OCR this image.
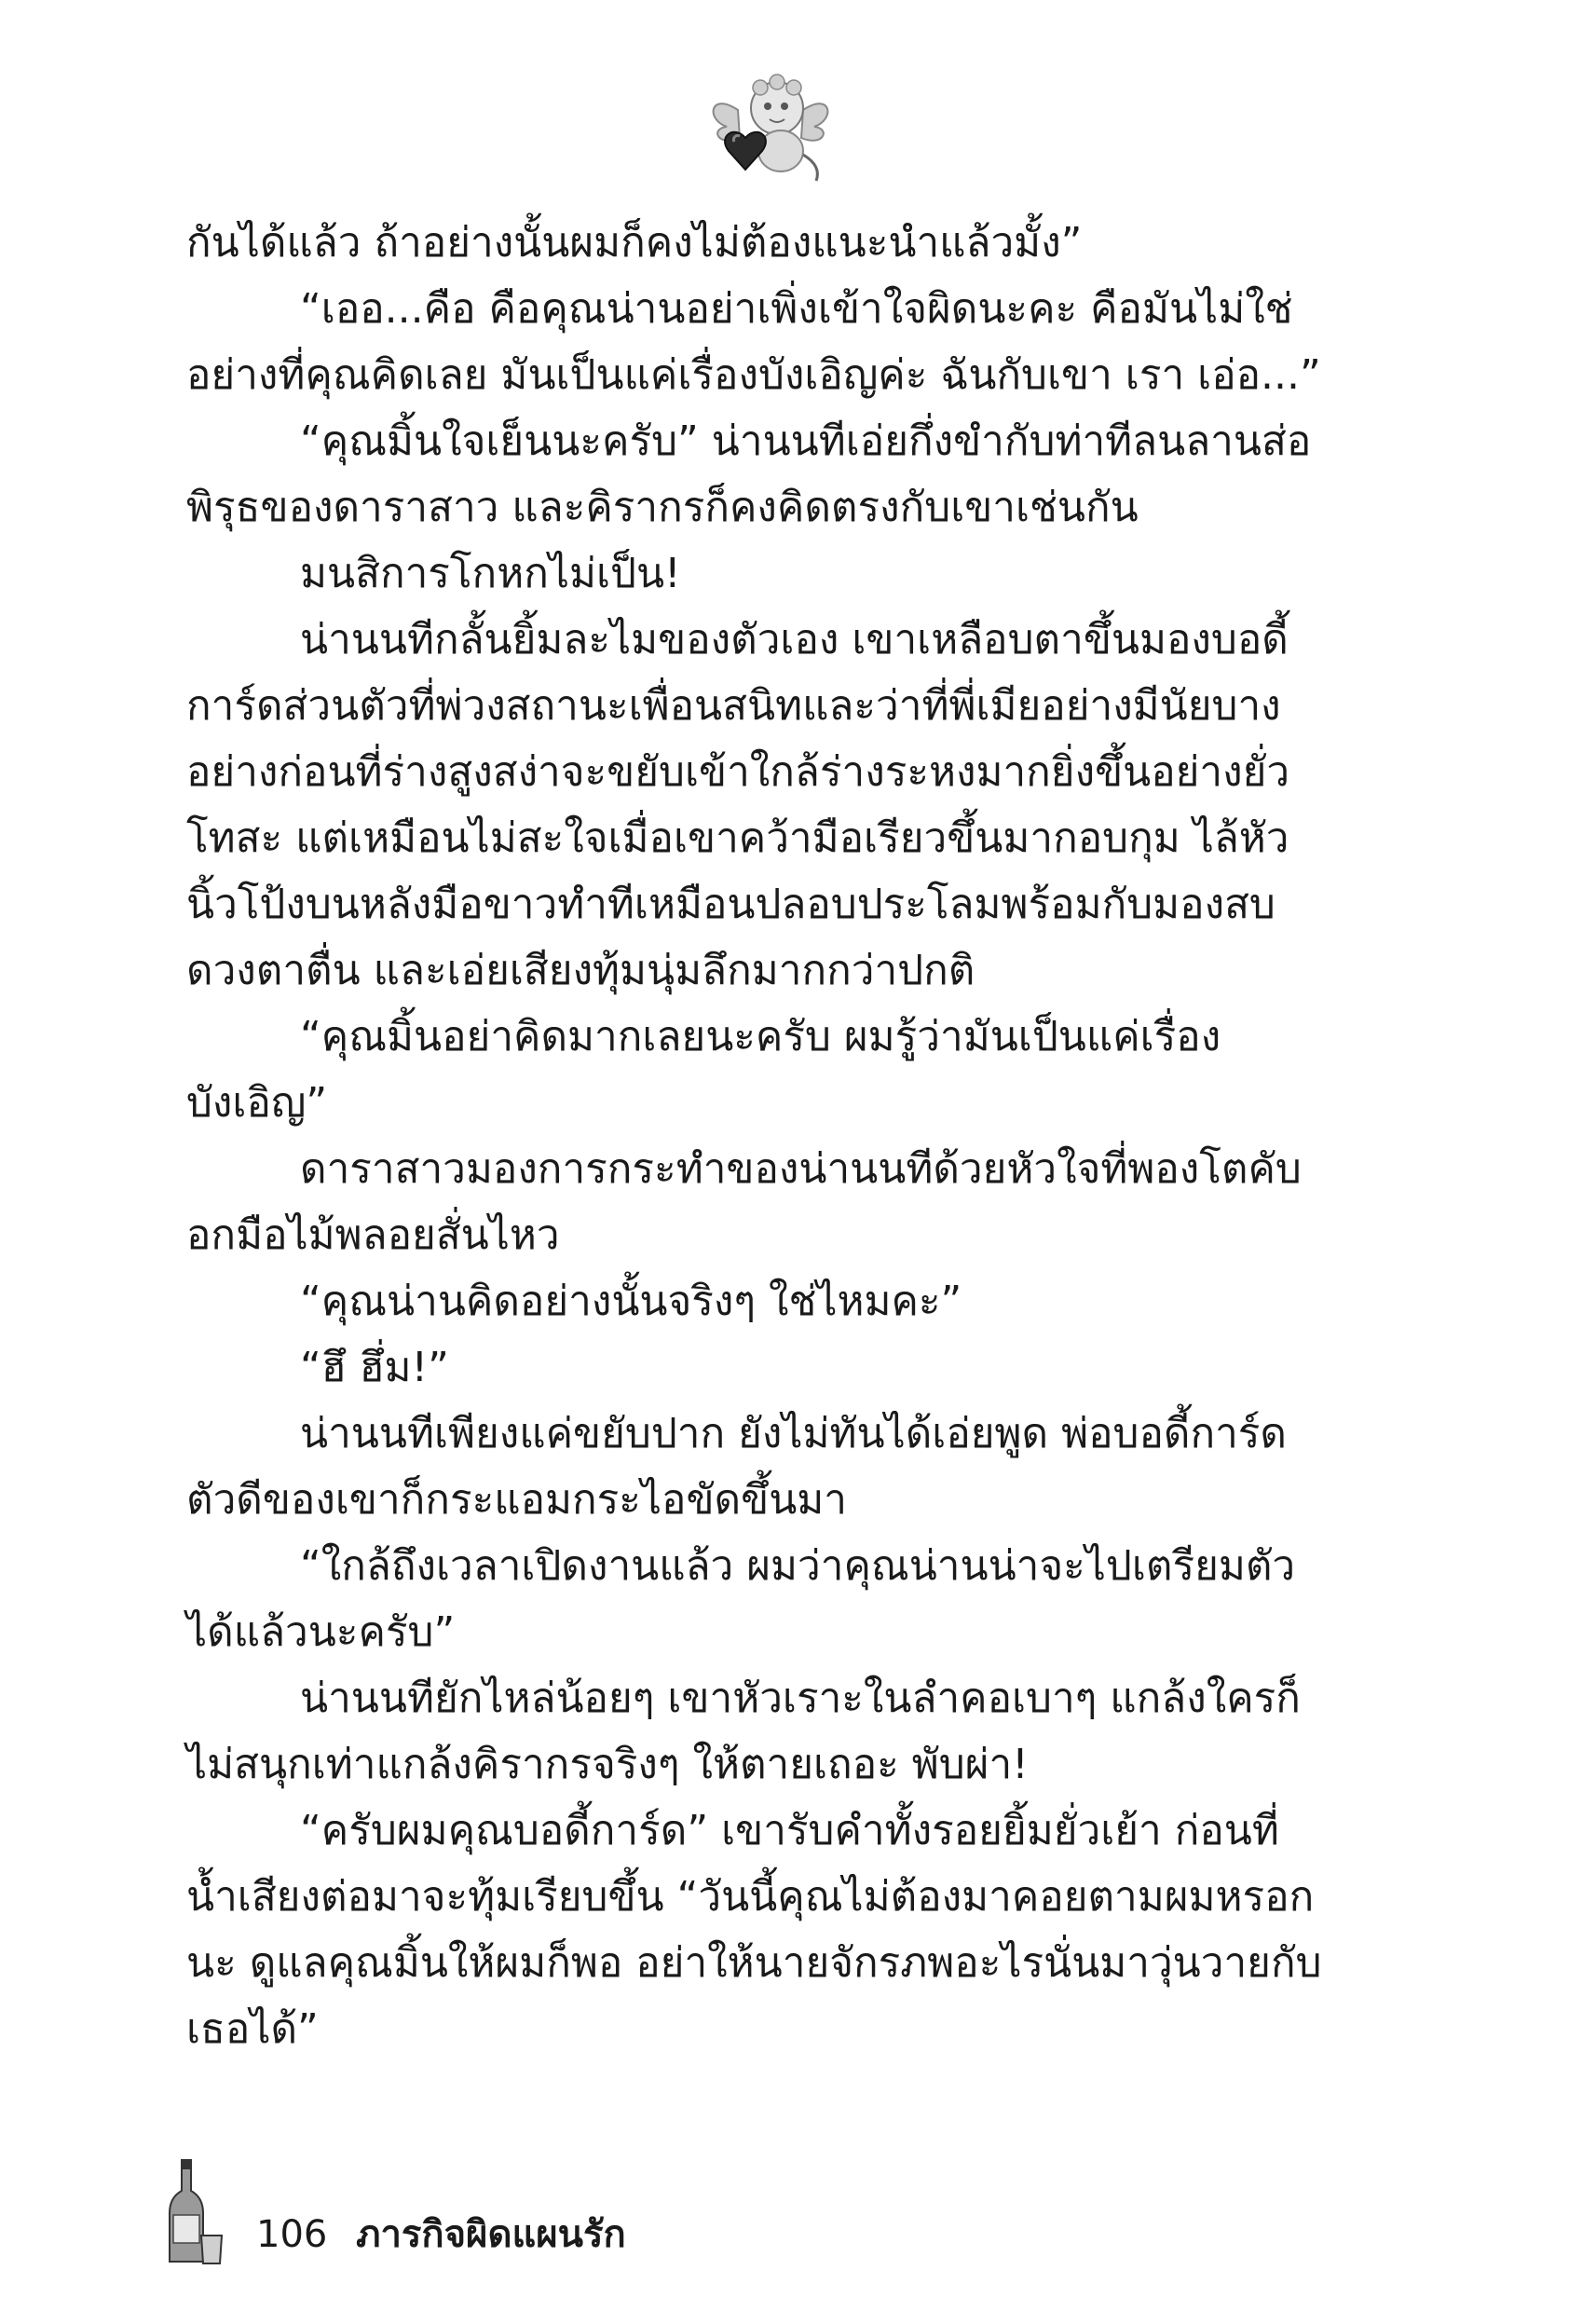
กันได้แล้ว ถ้าอย่างนั้นผมก็คงไม่ต้องแนะนำแล้วมั้ง”

“เออ...คือ คือคุณน่านอย่าเพิ่งเข้าใจผิดนะคะ คือมันไม่ใช่อย่างที่คุณคิดเลย มันเป็นแค่เรื่องบังเอิญค่ะ ฉันกับเขา เรา เอ่อ...”

“คุณมิ้นใจเย็นนะครับ” น่านนทีเอ่ยกึ่งขำกับท่าทีลนลานส่อพิรุธของดาราสาว และคิรากรก็คงคิดตรงกับเขาเช่นกัน

มนสิการโกหกไม่เป็น!

น่านนทีกลั้นยิ้มละไมของตัวเอง เขาเหลือบตาขึ้นมองบอดี้การ์ดส่วนตัวที่พ่วงสถานะเพื่อนสนิทและว่าที่พี่เมียอย่างมีนัยบางอย่างก่อนที่ร่างสูงสง่าจะขยับเข้าใกล้ร่างระหงมากยิ่งขึ้นอย่างยั่วโทสะ แต่เหมือนไม่สะใจเมื่อเขาคว้ามือเรียวขึ้นมากอบกุม ไล้หัวนิ้วโป้งบนหลังมือขาวทำทีเหมือนปลอบประโลมพร้อมกับมองสบดวงตาตื่น และเอ่ยเสียงทุ้มนุ่มลึกมากกว่าปกติ

“คุณมิ้นอย่าคิดมากเลยนะครับ ผมรู้ว่ามันเป็นแค่เรื่องบังเอิญ”

ดาราสาวมองการกระทำของน่านนทีด้วยหัวใจที่พองโตคับอกมือไม้พลอยสั่นไหว

“คุณน่านคิดอย่างนั้นจริงๆ ใช่ไหมคะ”

“ฮึ ฮึ่ม!”

น่านนทีเพียงแค่ขยับปาก ยังไม่ทันได้เอ่ยพูด พ่อบอดี้การ์ดตัวดีของเขาก็กระแอมกระไอขัดขึ้นมา

“ใกล้ถึงเวลาเปิดงานแล้ว ผมว่าคุณน่านน่าจะไปเตรียมตัวได้แล้วนะครับ”

น่านนทียักไหล่น้อยๆ เขาหัวเราะในลำคอเบาๆ แกล้งใครก็ไม่สนุกเท่าแกล้งคิรากรจริงๆ ให้ตายเถอะ พับผ่า!

“ครับผมคุณบอดี้การ์ด” เขารับคำทั้งรอยยิ้มยั่วเย้า ก่อนที่น้ำเสียงต่อมาจะทุ้มเรียบขึ้น “วันนี้คุณไม่ต้องมาคอยตามผมหรอกนะ ดูแลคุณมิ้นให้ผมก็พอ อย่าให้นายจักรภพอะไรนั่นมาวุ่นวายกับเธอได้”

106 ภารกิจผิดแผนรัก
